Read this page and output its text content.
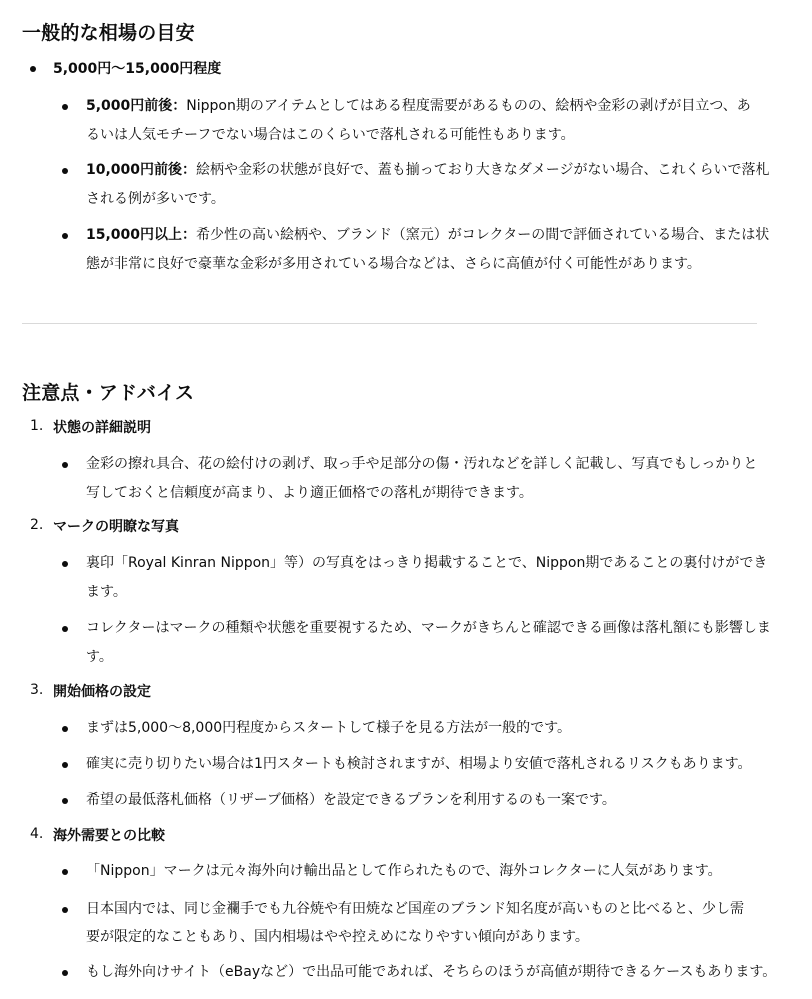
一般的な相場の目安
5,000円〜15,000円程度
5,000円前後：Nippon期のアイテムとしてはある程度需要があるものの、絵柄や金彩の剥げが目立つ、あ
るいは人気モチーフでない場合はこのくらいで落札される可能性もあります。
10,000円前後：絵柄や金彩の状態が良好で、蓋も揃っており大きなダメージがない場合、これくらいで落札
される例が多いです。
15,000円以上：希少性の高い絵柄や、ブランド（窯元）がコレクターの間で評価されている場合、または状
態が非常に良好で豪華な金彩が多用されている場合などは、さらに高値が付く可能性があります。
注意点・アドバイス
1. 状態の詳細説明
金彩の擦れ具合、花の絵付けの剥げ、取っ手や足部分の傷・汚れなどを詳しく記載し、写真でもしっかりと
写しておくと信頼度が高まり、より適正価格での落札が期待できます。
2. マークの明瞭な写真
裏印「Royal Kinran Nippon」等）の写真をはっきり掲載することで、Nippon期であることの裏付けができ
ます。
コレクターはマークの種類や状態を重要視するため、マークがきちんと確認できる画像は落札額にも影響しま
す。
3. 開始価格の設定
まずは5,000〜8,000円程度からスタートして様子を見る方法が一般的です。
確実に売り切りたい場合は1円スタートも検討されますが、相場より安値で落札されるリスクもあります。
希望の最低落札価格（リザーブ価格）を設定できるプランを利用するのも一案です。
4. 海外需要との比較
「Nippon」マークは元々海外向け輸出品として作られたもので、海外コレクターに人気があります。
日本国内では、同じ金襴手でも九谷焼や有田焼など国産のブランド知名度が高いものと比べると、少し需
要が限定的なこともあり、国内相場はやや控えめになりやすい傾向があります。
もし海外向けサイト（eBayなど）で出品可能であれば、そちらのほうが高値が期待できるケースもあります。
